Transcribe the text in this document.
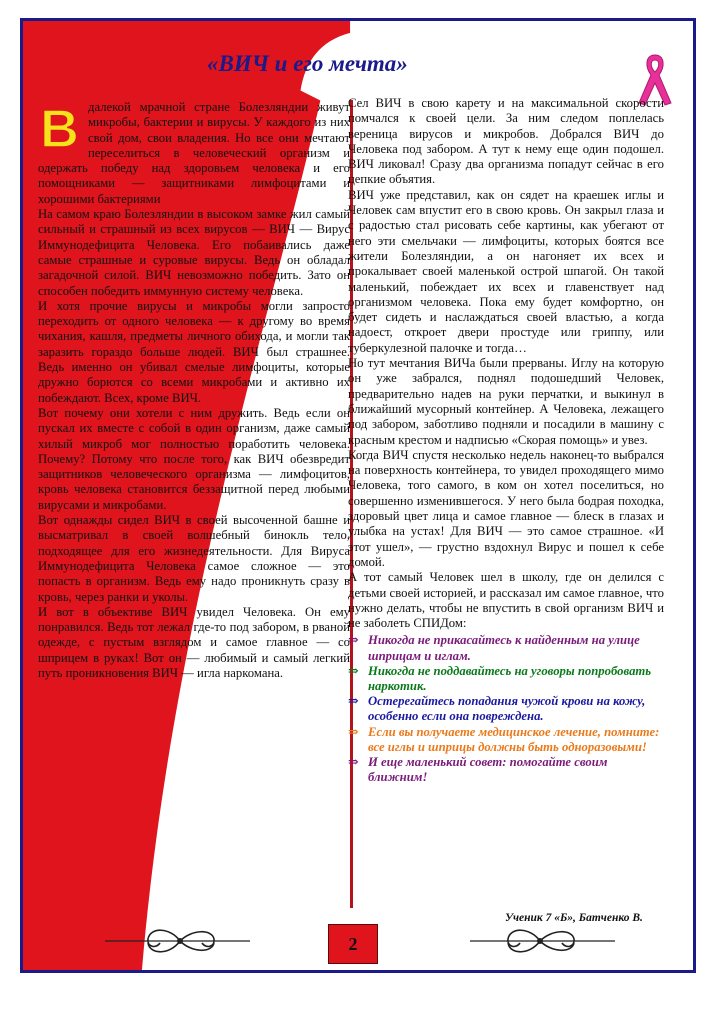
Сказка-лекция «ВИЧ и его мечта»

В далекой мрачной стране Болезляндии живут микробы, бактерии и вирусы. У каждого из них свой дом, свои владения. Но все они мечтают переселиться в человеческий организм и одержать победу над здоровьем человека и его помощниками — защитниками лимфоцитами и хорошими бактериями

На самом краю Болезляндии в высоком замке жил самый сильный и страшный из всех вирусов — ВИЧ — Вирус Иммунодефицита Человека. Его побаивались даже самые страшные и суровые вирусы. Ведь он обладал загадочной силой. ВИЧ невозможно победить. Зато он способен победить иммунную систему человека.

И хотя прочие вирусы и микробы могли запросто переходить от одного человека — к другому во время чихания, кашля, предметы личного обихода, и могли так заразить гораздо больше людей. ВИЧ был страшнее. Ведь именно он убивал смелые лимфоциты, которые дружно борются со всеми микробами и активно их побеждают. Всех, кроме ВИЧ.

Вот почему они хотели с ним дружить. Ведь если он пускал их вместе с собой в один организм, даже самый хилый микроб мог полностью поработить человека. Почему? Потому что после того, как ВИЧ обезвредит защитников человеческого организма — лимфоцитов, кровь человека становится беззащитной перед любыми вирусами и микробами.

Вот однажды сидел ВИЧ в своей высоченной башне и высматривал в своей волшебный бинокль тело, подходящее для его жизнедеятельности. Для Вируса Иммунодефицита Человека самое сложное — это попасть в организм. Ведь ему надо проникнуть сразу в кровь, через ранки и уколы.

И вот в объективе ВИЧ увидел Человека. Он ему понравился. Ведь тот лежал где-то под забором, в рваной одежде, с пустым взглядом и самое главное — со шприцем в руках! Вот он — любимый и самый легкий путь проникновения ВИЧ — игла наркомана.

Сел ВИЧ в свою карету и на максимальной скорости помчался к своей цели. За ним следом поплелась вереница вирусов и микробов. Добрался ВИЧ до Человека под забором. А тут к нему еще один подошел. ВИЧ ликовал! Сразу два организма попадут сейчас в его цепкие объятия.

ВИЧ уже представил, как он сядет на краешек иглы и Человек сам впустит его в свою кровь. Он закрыл глаза и с радостью стал рисовать себе картины, как убегают от него эти смельчаки — лимфоциты, которых боятся все жители Болезляндии, а он нагоняет их всех и прокалывает своей маленькой острой шпагой. Он такой маленький, побеждает их всех и главенствует над организмом человека. Пока ему будет комфортно, он будет сидеть и наслаждаться своей властью, а когда надоест, откроет двери простуде или гриппу, или туберкулезной палочке и тогда…

Но тут мечтания ВИЧа были прерваны. Иглу на которую он уже забрался, поднял подошедший Человек, предварительно надев на руки перчатки, и выкинул в ближайший мусорный контейнер. А Человека, лежащего под забором, заботливо подняли и посадили в машину с красным крестом и надписью «Скорая помощь» и увез.

Когда ВИЧ спустя несколько недель наконец-то выбрался на поверхность контейнера, то увидел проходящего мимо Человека, того самого, в ком он хотел поселиться, но совершенно изменившегося. У него была бодрая походка, здоровый цвет лица и самое главное — блеск в глазах и улыбка на устах! Для ВИЧ — это самое страшное. «И этот ушел», — грустно вздохнул Вирус и пошел к себе домой.

А тот самый Человек шел в школу, где он делился с детьми своей историей, и рассказал им самое главное, что нужно делать, чтобы не впустить в свой организм ВИЧ и не заболеть СПИДом:

⇒ Никогда не прикасайтесь к найденным на улице шприцам и иглам.
⇒ Никогда не поддавайтесь на уговоры попробовать наркотик.
⇒ Остерегайтесь попадания чужой крови на кожу, особенно если она повреждена.
⇒ Если вы получаете медицинское лечение, помните: все иглы и шприцы должны быть одноразовыми!
⇒ И еще маленький совет: помогайте своим ближним!
Ученик 7 «Б», Батченко В.
2
